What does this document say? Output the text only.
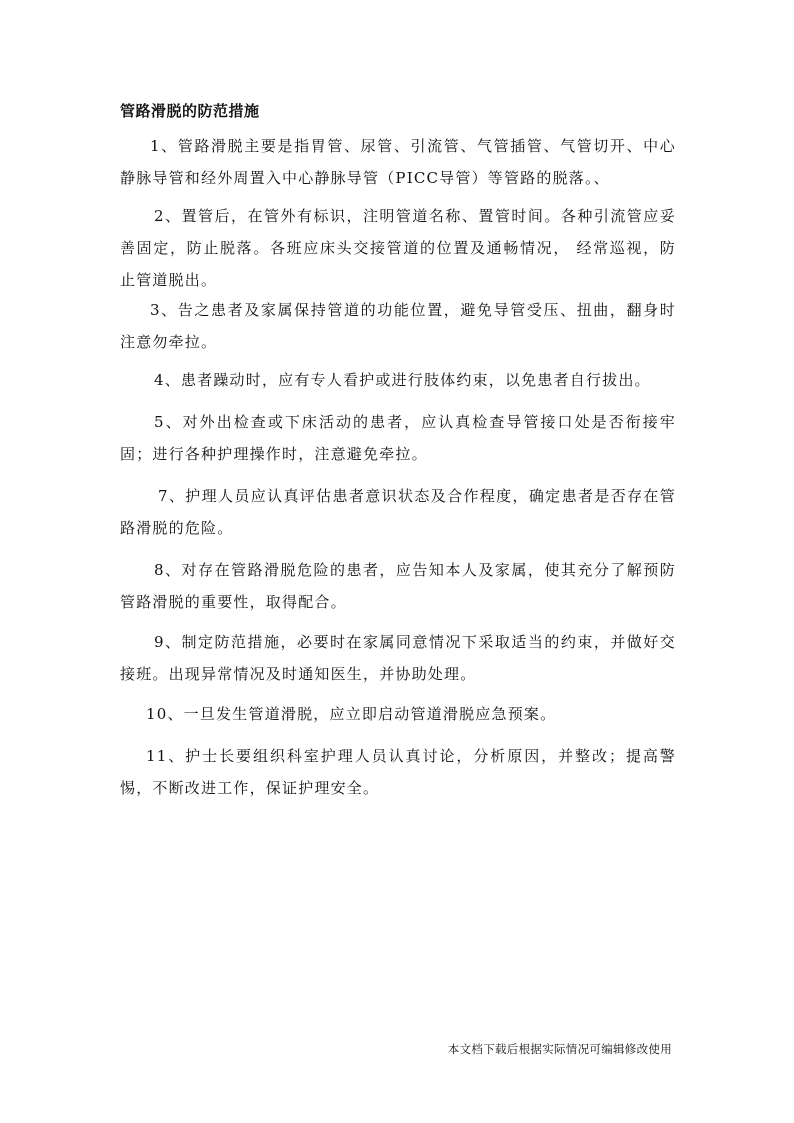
管路滑脱的防范措施
1、管路滑脱主要是指胃管、尿管、引流管、气管插管、气管切开、中心静脉导管和经外周置入中心静脉导管（PICC导管）等管路的脱落。、
2、置管后，在管外有标识，注明管道名称、置管时间。各种引流管应妥善固定，防止脱落。各班应床头交接管道的位置及通畅情况， 经常巡视，防止管道脱出。
3、告之患者及家属保持管道的功能位置，避免导管受压、扭曲，翻身时注意勿牵拉。
4、患者躁动时，应有专人看护或进行肢体约束，以免患者自行拔出。
5、对外出检查或下床活动的患者，应认真检查导管接口处是否衔接牢固；进行各种护理操作时，注意避免牵拉。
7、护理人员应认真评估患者意识状态及合作程度，确定患者是否存在管路滑脱的危险。
8、对存在管路滑脱危险的患者，应告知本人及家属，使其充分了解预防管路滑脱的重要性，取得配合。
9、制定防范措施，必要时在家属同意情况下采取适当的约束，并做好交接班。出现异常情况及时通知医生，并协助处理。
10、一旦发生管道滑脱，应立即启动管道滑脱应急预案。
11、护士长要组织科室护理人员认真讨论，分析原因，并整改；提高警惕，不断改进工作，保证护理安全。
本文档下载后根据实际情况可编辑修改使用
